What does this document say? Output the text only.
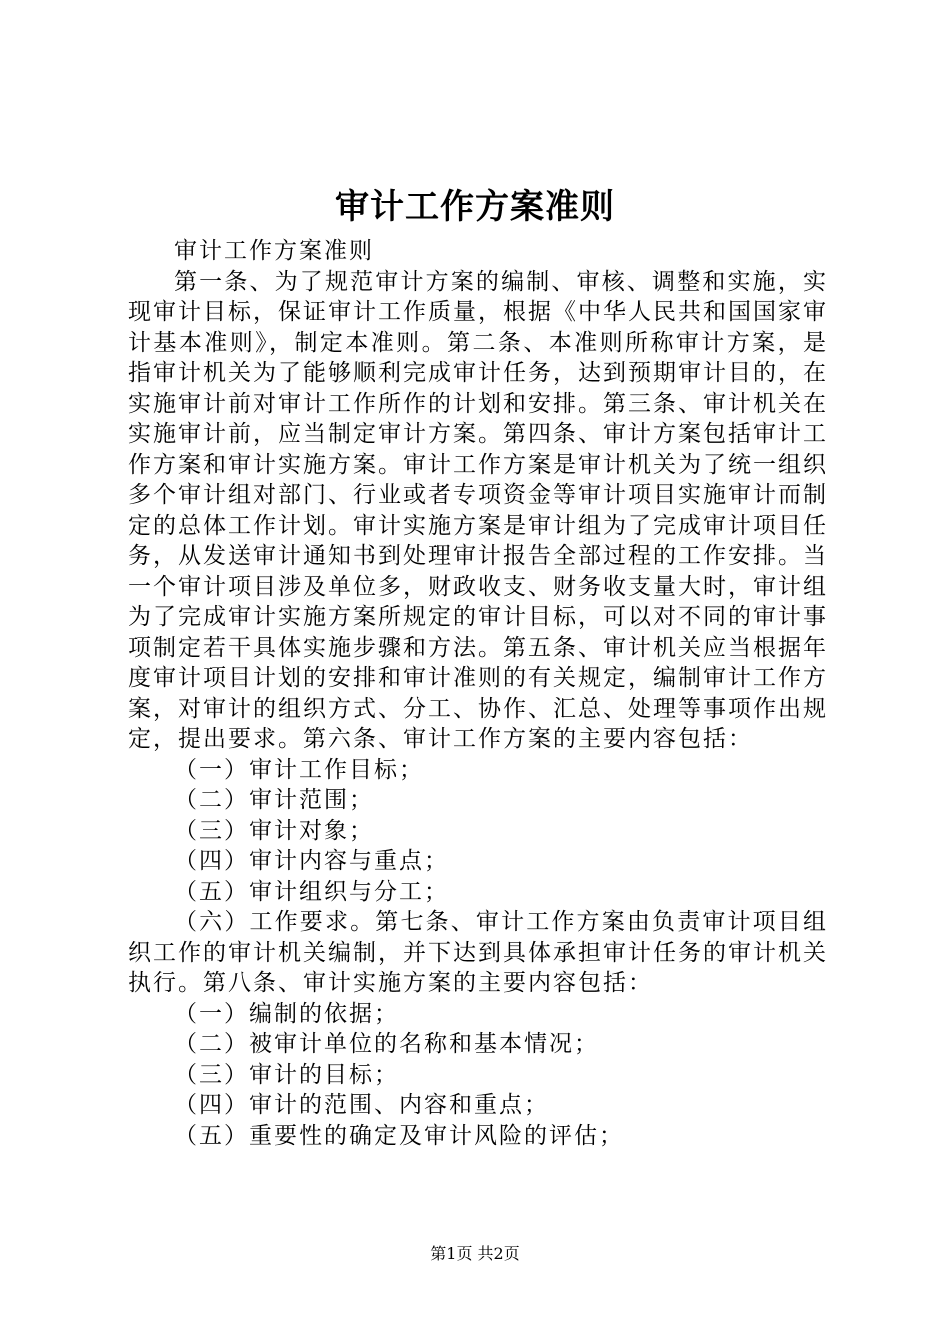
审计工作方案准则

审计工作方案准则

第一条、为了规范审计方案的编制、审核、调整和实施，实现审计目标，保证审计工作质量，根据《中华人民共和国国家审计基本准则》，制定本准则。第二条、本准则所称审计方案，是指审计机关为了能够顺利完成审计任务，达到预期审计目的，在实施审计前对审计工作所作的计划和安排。第三条、审计机关在实施审计前，应当制定审计方案。第四条、审计方案包括审计工作方案和审计实施方案。审计工作方案是审计机关为了统一组织多个审计组对部门、行业或者专项资金等审计项目实施审计而制定的总体工作计划。审计实施方案是审计组为了完成审计项目任务，从发送审计通知书到处理审计报告全部过程的工作安排。当一个审计项目涉及单位多，财政收支、财务收支量大时，审计组为了完成审计实施方案所规定的审计目标，可以对不同的审计事项制定若干具体实施步骤和方法。第五条、审计机关应当根据年度审计项目计划的安排和审计准则的有关规定，编制审计工作方案，对审计的组织方式、分工、协作、汇总、处理等事项作出规定，提出要求。第六条、审计工作方案的主要内容包括：

（一）审计工作目标；

（二）审计范围；

（三）审计对象；

（四）审计内容与重点；

（五）审计组织与分工；

（六）工作要求。第七条、审计工作方案由负责审计项目组织工作的审计机关编制，并下达到具体承担审计任务的审计机关执行。第八条、审计实施方案的主要内容包括：

（一）编制的依据；

（二）被审计单位的名称和基本情况；

（三）审计的目标；

（四）审计的范围、内容和重点；

（五）重要性的确定及审计风险的评估；

第1页 共2页
